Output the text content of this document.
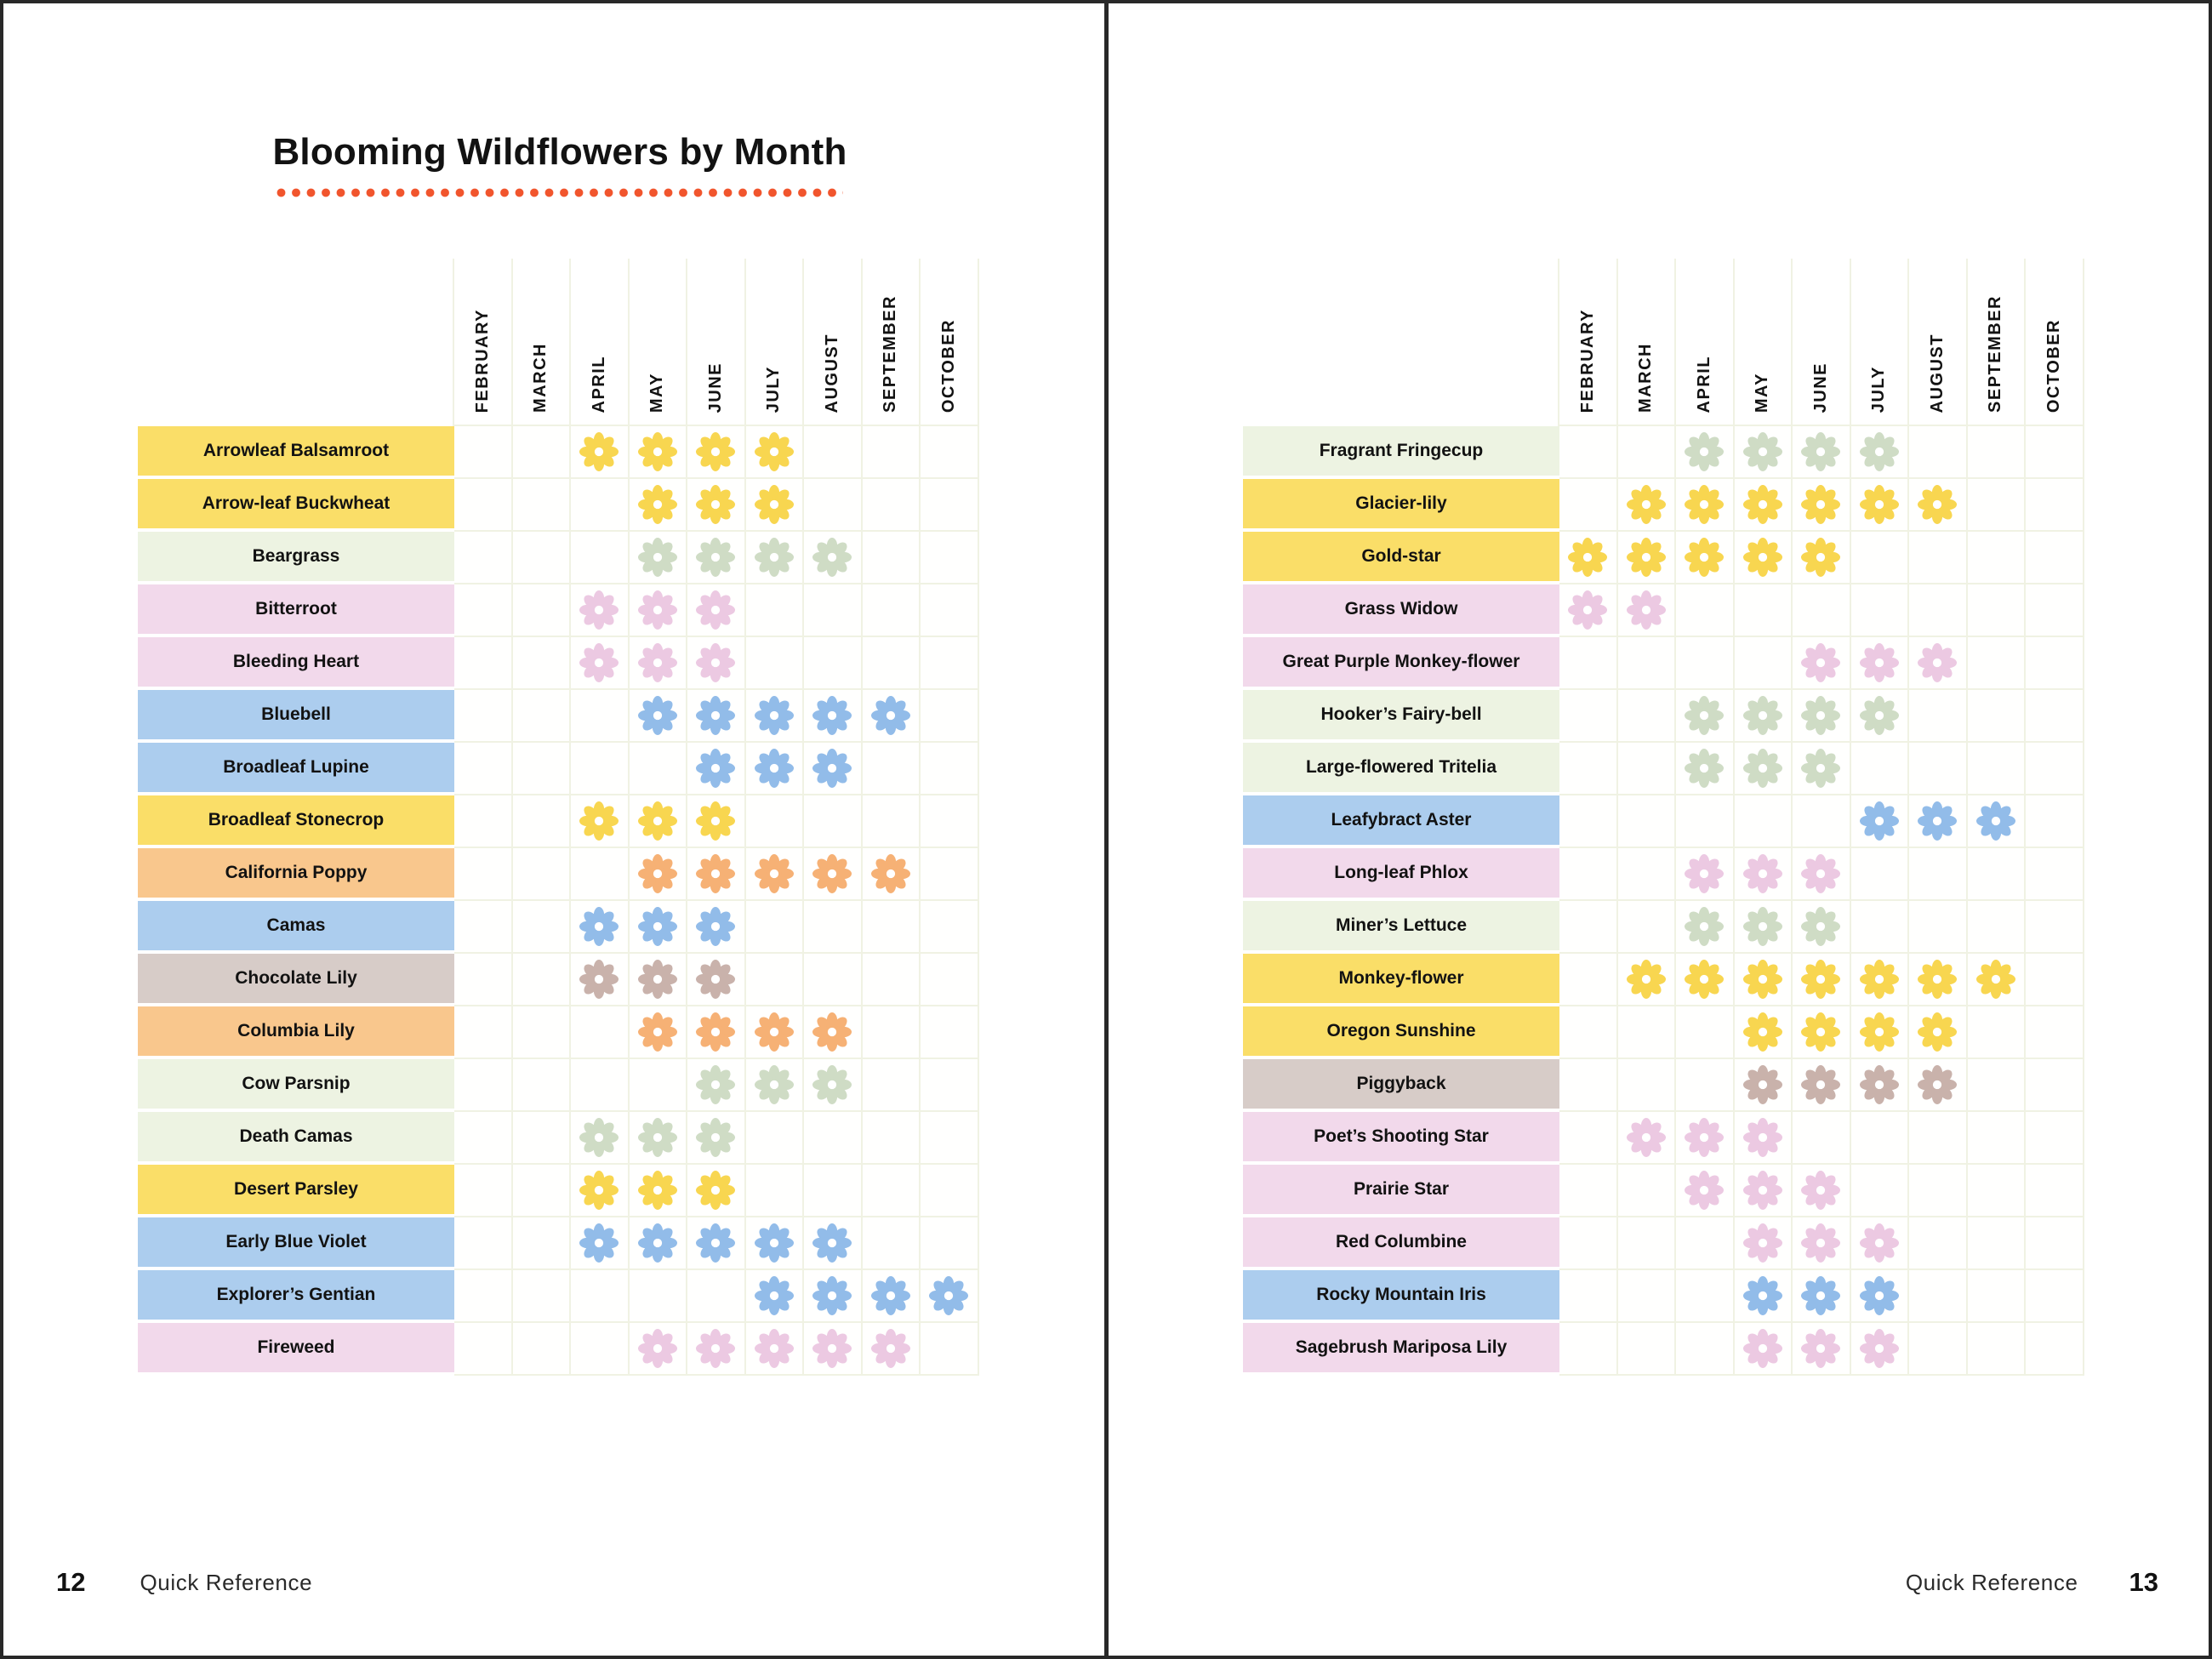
Blooming Wildflowers by Month
FEBRUARY MARCH APRIL MAY JUNE JULY AUGUST SEPTEMBER OCTOBER
Arrowleaf Balsamroot
Arrow-leaf Buckwheat
Beargrass
Bitterroot
Bleeding Heart
Bluebell
Broadleaf Lupine
Broadleaf Stonecrop
California Poppy
Camas
Chocolate Lily
Columbia Lily
Cow Parsnip
Death Camas
Desert Parsley
Early Blue Violet
Explorer’s Gentian
Fireweed
12 Quick Reference
FEBRUARY MARCH APRIL MAY JUNE JULY AUGUST SEPTEMBER OCTOBER
Fragrant Fringecup
Glacier-lily
Gold-star
Grass Widow
Great Purple Monkey-flower
Hooker’s Fairy-bell
Large-flowered Tritelia
Leafybract Aster
Long-leaf Phlox
Miner’s Lettuce
Monkey-flower
Oregon Sunshine
Piggyback
Poet’s Shooting Star
Prairie Star
Red Columbine
Rocky Mountain Iris
Sagebrush Mariposa Lily
Quick Reference 13
